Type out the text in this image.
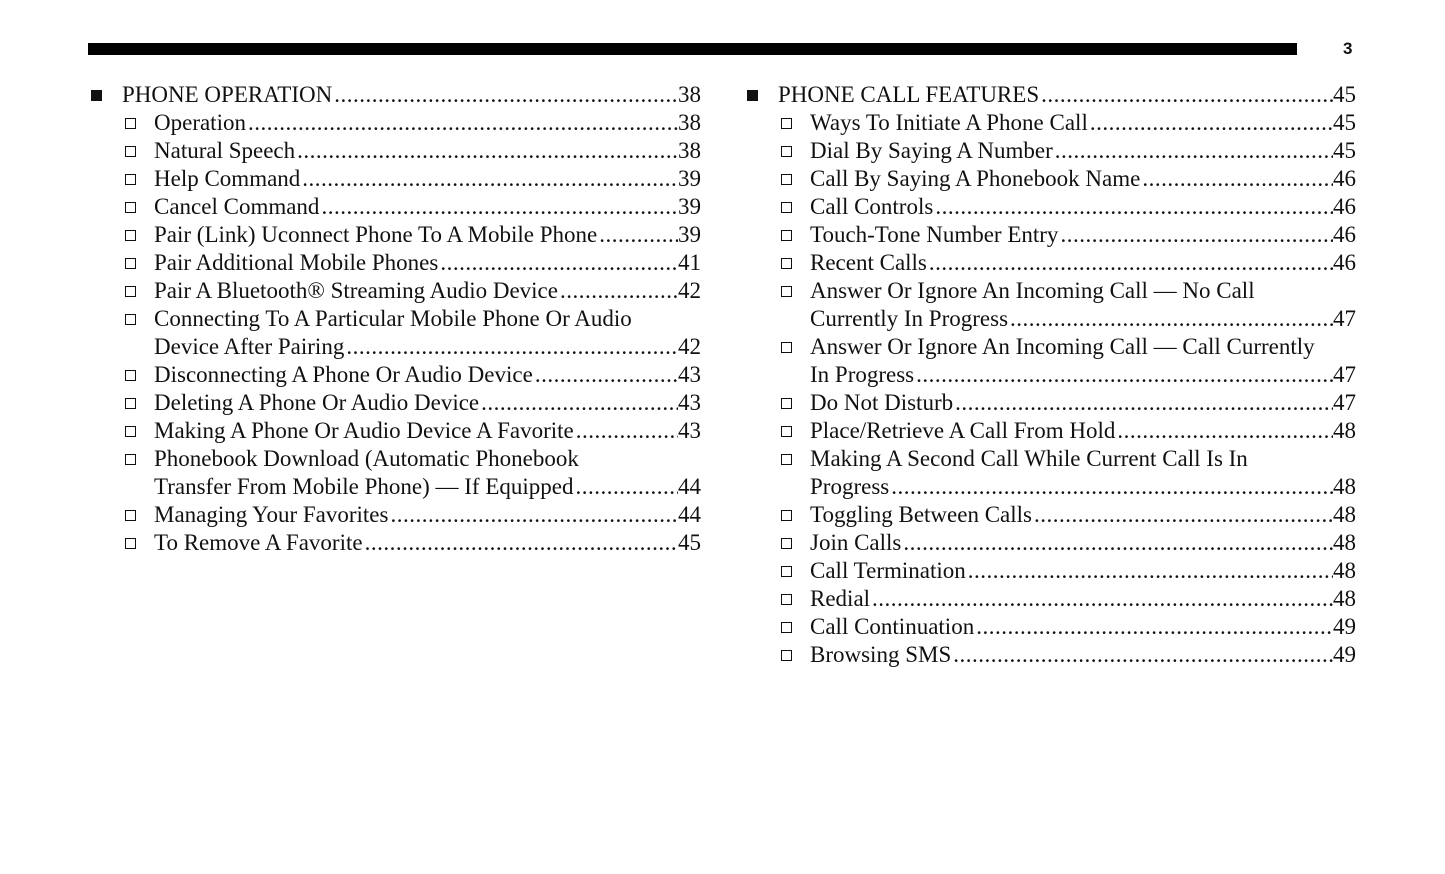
3
PHONE OPERATION .....	38
Operation .....	38
Natural Speech .....	38
Help Command .....	39
Cancel Command .....	39
Pair (Link) Uconnect Phone To A Mobile Phone .....	39
Pair Additional Mobile Phones .....	41
Pair A Bluetooth® Streaming Audio Device .....	42
Connecting To A Particular Mobile Phone Or Audio
Device After Pairing .....	42
Disconnecting A Phone Or Audio Device .....	43
Deleting A Phone Or Audio Device .....	43
Making A Phone Or Audio Device A Favorite .....	43
Phonebook Download (Automatic Phonebook
Transfer From Mobile Phone) — If Equipped .....	44
Managing Your Favorites .....	44
To Remove A Favorite .....	45
PHONE CALL FEATURES .....	45
Ways To Initiate A Phone Call .....	45
Dial By Saying A Number .....	45
Call By Saying A Phonebook Name .....	46
Call Controls .....	46
Touch-Tone Number Entry .....	46
Recent Calls .....	46
Answer Or Ignore An Incoming Call — No Call
Currently In Progress .....	47
Answer Or Ignore An Incoming Call — Call Currently
In Progress .....	47
Do Not Disturb .....	47
Place/Retrieve A Call From Hold .....	48
Making A Second Call While Current Call Is In
Progress .....	48
Toggling Between Calls .....	48
Join Calls .....	48
Call Termination .....	48
Redial .....	48
Call Continuation .....	49
Browsing SMS .....	49
